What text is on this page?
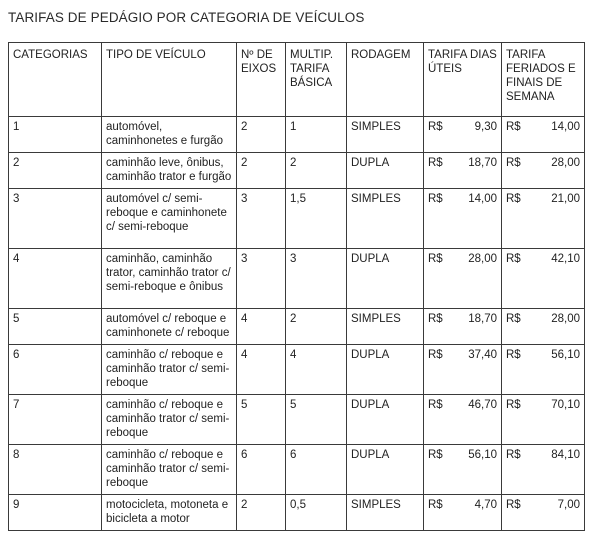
TARIFAS DE PEDÁGIO POR CATEGORIA DE VEÍCULOS
CATEGORIAS	TIPO DE VEÍCULO	Nº DE EIXOS	MULTIP. TARIFA BÁSICA	RODAGEM	TARIFA DIAS ÚTEIS	TARIFA FERIADOS E FINAIS DE SEMANA
1	automóvel, caminhonetes e furgão	2	1	SIMPLES	R$ 9,30	R$ 14,00

2	caminhão leve, ônibus, caminhão trator e furgão	2	2	DUPLA	R$ 18,70	R$ 28,00

3	automóvel c/ semi-reboque e caminhonete c/ semi-reboque	3	1,5	SIMPLES	R$ 14,00	R$ 21,00

4	caminhão, caminhão trator, caminhão trator c/ semi-reboque e ônibus	3	3	DUPLA	R$ 28,00	R$ 42,10

5	automóvel c/ reboque e caminhonete c/ reboque	4	2	SIMPLES	R$ 18,70	R$ 28,00

6	caminhão c/ reboque e caminhão trator c/ semi-reboque	4	4	DUPLA	R$ 37,40	R$ 56,10

7	caminhão c/ reboque e caminhão trator c/ semi-reboque	5	5	DUPLA	R$ 46,70	R$ 70,10

8	caminhão c/ reboque e caminhão trator c/ semi-reboque	6	6	DUPLA	R$ 56,10	R$ 84,10

9	motocicleta, motoneta e bicicleta a motor	2	0,5	SIMPLES	R$ 4,70	R$ 7,00
